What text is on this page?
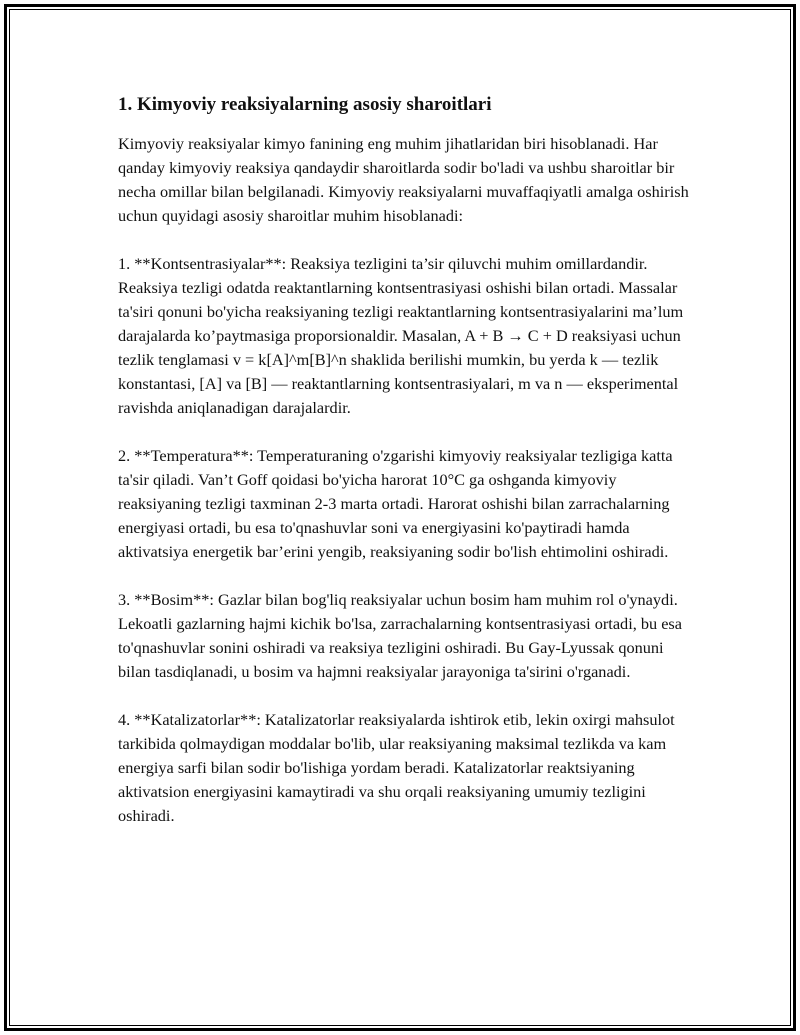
1. Kimyoviy reaksiyalarning asosiy sharoitlari

Kimyoviy reaksiyalar kimyo fanining eng muhim jihatlaridan biri hisoblanadi. Har qanday kimyoviy reaksiya qandaydir sharoitlarda sodir bo'ladi va ushbu sharoitlar bir necha omillar bilan belgilanadi. Kimyoviy reaksiyalarni muvaffaqiyatli amalga oshirish uchun quyidagi asosiy sharoitlar muhim hisoblanadi:

1. **Kontsentrasiyalar**: Reaksiya tezligini ta’sir qiluvchi muhim omillardandir. Reaksiya tezligi odatda reaktantlarning kontsentrasiyasi oshishi bilan ortadi. Massalar ta'siri qonuni bo'yicha reaksiyaning tezligi reaktantlarning kontsentrasiyalarini ma’lum darajalarda ko’paytmasiga proporsionaldir. Masalan, A + B → C + D reaksiyasi uchun tezlik tenglamasi v = k[A]^m[B]^n shaklida berilishi mumkin, bu yerda k — tezlik konstantasi, [A] va [B] — reaktantlarning kontsentrasiyalari, m va n — eksperimental ravishda aniqlanadigan darajalardir.

2. **Temperatura**: Temperaturaning o'zgarishi kimyoviy reaksiyalar tezligiga katta ta'sir qiladi. Van’t Goff qoidasi bo'yicha harorat 10°C ga oshganda kimyoviy reaksiyaning tezligi taxminan 2-3 marta ortadi. Harorat oshishi bilan zarrachalarning energiyasi ortadi, bu esa to'qnashuvlar soni va energiyasini ko'paytiradi hamda aktivatsiya energetik bar’erini yengib, reaksiyaning sodir bo'lish ehtimolini oshiradi.

3. **Bosim**: Gazlar bilan bog'liq reaksiyalar uchun bosim ham muhim rol o'ynaydi. Lekoatli gazlarning hajmi kichik bo'lsa, zarrachalarning kontsentrasiyasi ortadi, bu esa to'qnashuvlar sonini oshiradi va reaksiya tezligini oshiradi. Bu Gay-Lyussak qonuni bilan tasdiqlanadi, u bosim va hajmni reaksiyalar jarayoniga ta'sirini o'rganadi.

4. **Katalizatorlar**: Katalizatorlar reaksiyalarda ishtirok etib, lekin oxirgi mahsulot tarkibida qolmaydigan moddalar bo'lib, ular reaksiyaning maksimal tezlikda va kam energiya sarfi bilan sodir bo'lishiga yordam beradi. Katalizatorlar reaktsiyaning aktivatsion energiyasini kamaytiradi va shu orqali reaksiyaning umumiy tezligini oshiradi.
